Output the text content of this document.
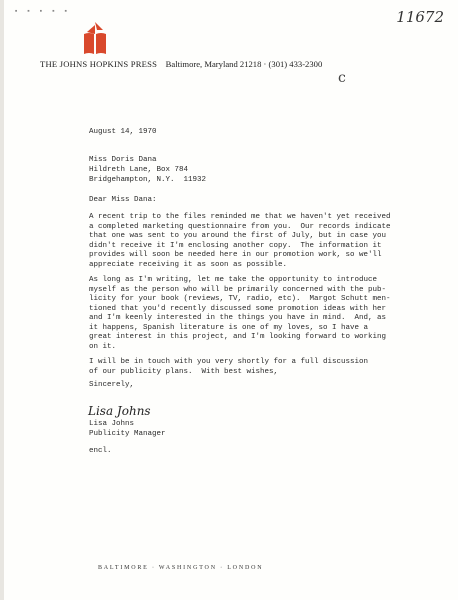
▪ ▪ ▪ ▪ ▪	11672
THE JOHNS HOPKINS PRESS Baltimore, Maryland 21218 · (301) 433-2300
c
August 14, 1970
Miss Doris Dana
Hildreth Lane, Box 784
Bridgehampton, N.Y.  11932
Dear Miss Dana:
A recent trip to the files reminded me that we haven't yet received
a completed marketing questionnaire from you.  Our records indicate
that one was sent to you around the first of July, but in case you
didn't receive it I'm enclosing another copy.  The information it
provides will soon be needed here in our promotion work, so we'll
appreciate receiving it as soon as possible.
As long as I'm writing, let me take the opportunity to introduce
myself as the person who will be primarily concerned with the pub-
licity for your book (reviews, TV, radio, etc).  Margot Schutt men-
tioned that you'd recently discussed some promotion ideas with her
and I'm keenly interested in the things you have in mind.  And, as
it happens, Spanish literature is one of my loves, so I have a
great interest in this project, and I'm looking forward to working
on it.
I will be in touch with you very shortly for a full discussion
of our publicity plans.  With best wishes,
Sincerely,
Lisa Johns
Lisa Johns
Publicity Manager
encl.
BALTIMORE · WASHINGTON · LONDON
